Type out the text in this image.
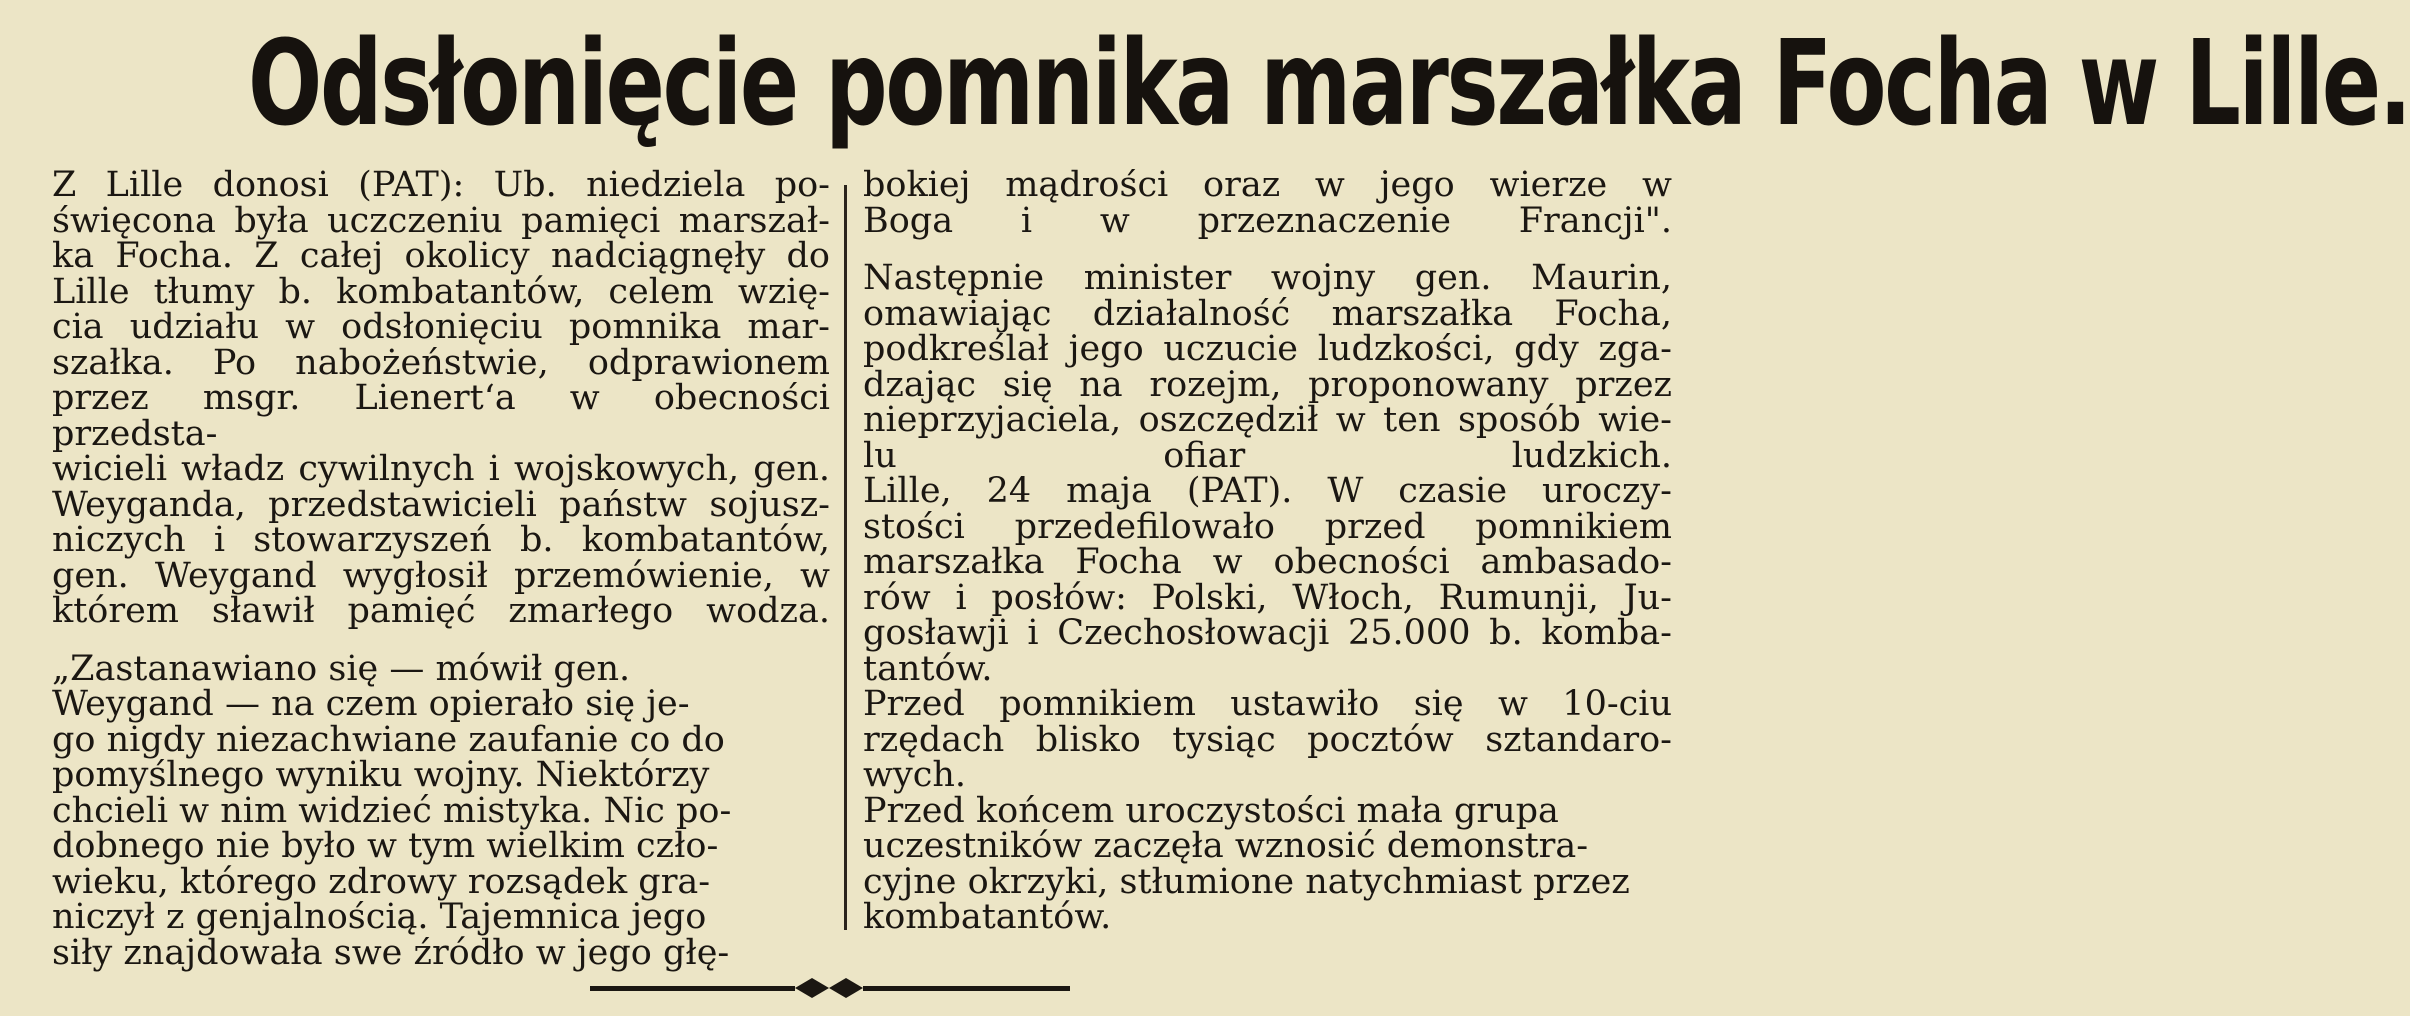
Odsłonięcie pomnika marszałka Focha w Lille.

Z Lille donosi (PAT): Ub. niedziela po-
święcona była uczczeniu pamięci marszał-
ka Focha. Z całej okolicy nadciągnęły do
Lille tłumy b. kombatantów, celem wzię-
cia udziału w odsłonięciu pomnika mar-
szałka. Po nabożeństwie, odprawionem
przez msgr. Lienert‘a w obecności przedsta-
wicieli władz cywilnych i wojskowych, gen.
Weyganda, przedstawicieli państw sojusz-
niczych i stowarzyszeń b. kombatantów,
gen. Weygand wygłosił przemówienie, w
którem sławił pamięć zmarłego wodza.

„Zastanawiano się — mówił gen.
Weygand — na czem opierało się je-
go nigdy niezachwiane zaufanie co do
pomyślnego wyniku wojny. Niektórzy
chcieli w nim widzieć mistyka. Nic po-
dobnego nie było w tym wielkim czło-
wieku, którego zdrowy rozsądek gra-
niczył z genjalnością. Tajemnica jego
siły znajdowała swe źródło w jego głę-

bokiej mądrości oraz w jego wierze w
Boga i w przeznaczenie Francji".

Następnie minister wojny gen. Maurin,
omawiając działalność marszałka Focha,
podkreślał jego uczucie ludzkości, gdy zga-
dzając się na rozejm, proponowany przez
nieprzyjaciela, oszczędził w ten sposób wie-
lu ofiar ludzkich.

Lille, 24 maja (PAT). W czasie uroczy-
stości przedefilowało przed pomnikiem
marszałka Focha w obecności ambasado-
rów i posłów: Polski, Włoch, Rumunji, Ju-
gosławji i Czechosłowacji 25.000 b. komba-
tantów.

Przed pomnikiem ustawiło się w 10-ciu
rzędach blisko tysiąc pocztów sztandaro-
wych.

Przed końcem uroczystości mała grupa
uczestników zaczęła wznosić demonstra-
cyjne okrzyki, stłumione natychmiast przez
kombatantów.
